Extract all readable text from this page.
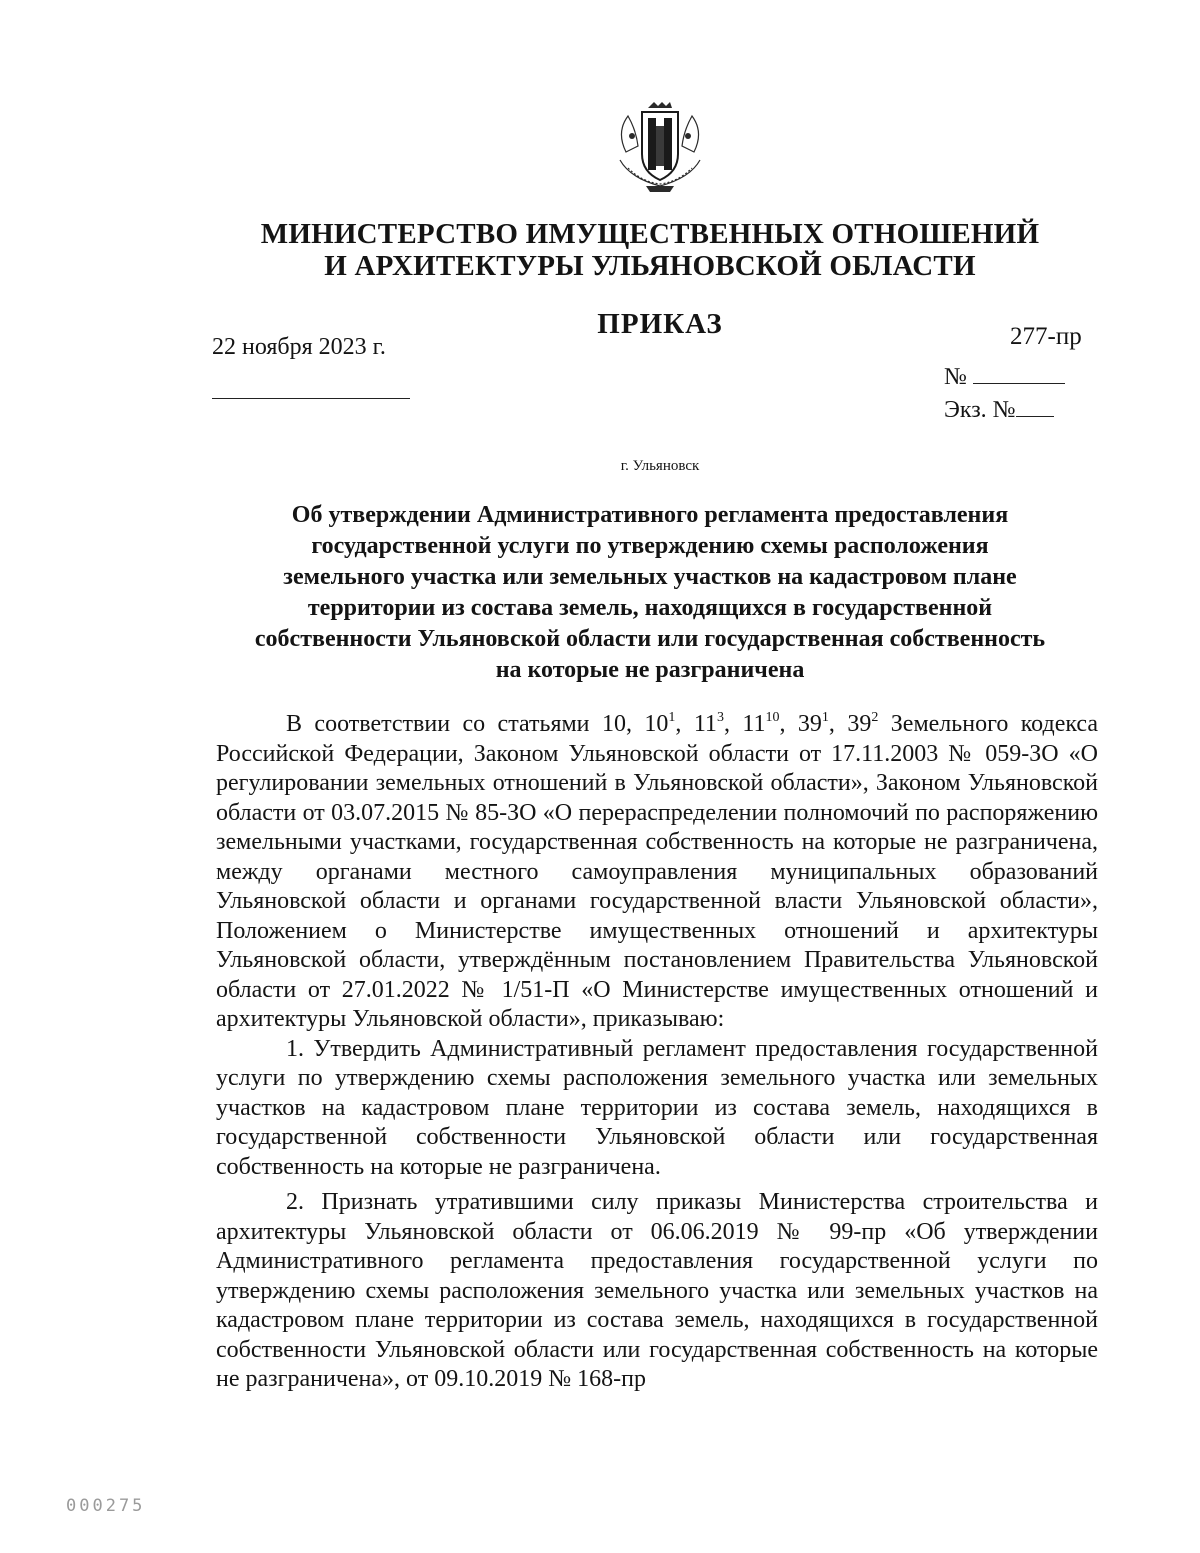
МИНИСТЕРСТВО ИМУЩЕСТВЕННЫХ ОТНОШЕНИЙ
И АРХИТЕКТУРЫ УЛЬЯНОВСКОЙ ОБЛАСТИ
ПРИКАЗ
22 ноября 2023 г.	277-пр
№
Экз. №
г. Ульяновск
Об утверждении Административного регламента предоставления
государственной услуги по утверждению схемы расположения
земельного участка или земельных участков на кадастровом плане
территории из состава земель, находящихся в государственной
собственности Ульяновской области или государственная собственность
на которые не разграничена

В соответствии со статьями 10, $10^1$, $11^3$, $11^{10}$, $39^1$, $39^2$ Земельного кодекса Российской Федерации, Законом Ульяновской области от 17.11.2003 № 059-ЗО «О регулировании земельных отношений в Ульяновской области», Законом Ульяновской области от 03.07.2015 № 85-ЗО «О перераспределении полномочий по распоряжению земельными участками, государственная собственность на которые не разграничена, между органами местного самоуправления муниципальных образований Ульяновской области и органами государственной власти Ульяновской области», Положением о Министерстве имущественных отношений и архитектуры Ульяновской области, утверждённым постановлением Правительства Ульяновской области от 27.01.2022 № 1/51-П «О Министерстве имущественных отношений и архитектуры Ульяновской области», приказываю:

1. Утвердить Административный регламент предоставления государственной услуги по утверждению схемы расположения земельного участка или земельных участков на кадастровом плане территории из состава земель, находящихся в государственной собственности Ульяновской области или государственная собственность на которые не разграничена.

2. Признать утратившими силу приказы Министерства строительства и архитектуры Ульяновской области от 06.06.2019 № 99-пр «Об утверждении Административного регламента предоставления государственной услуги по утверждению схемы расположения земельного участка или земельных участков на кадастровом плане территории из состава земель, находящихся в государственной собственности Ульяновской области или государственная собственность на которые не разграничена», от 09.10.2019 № 168-пр

000275
